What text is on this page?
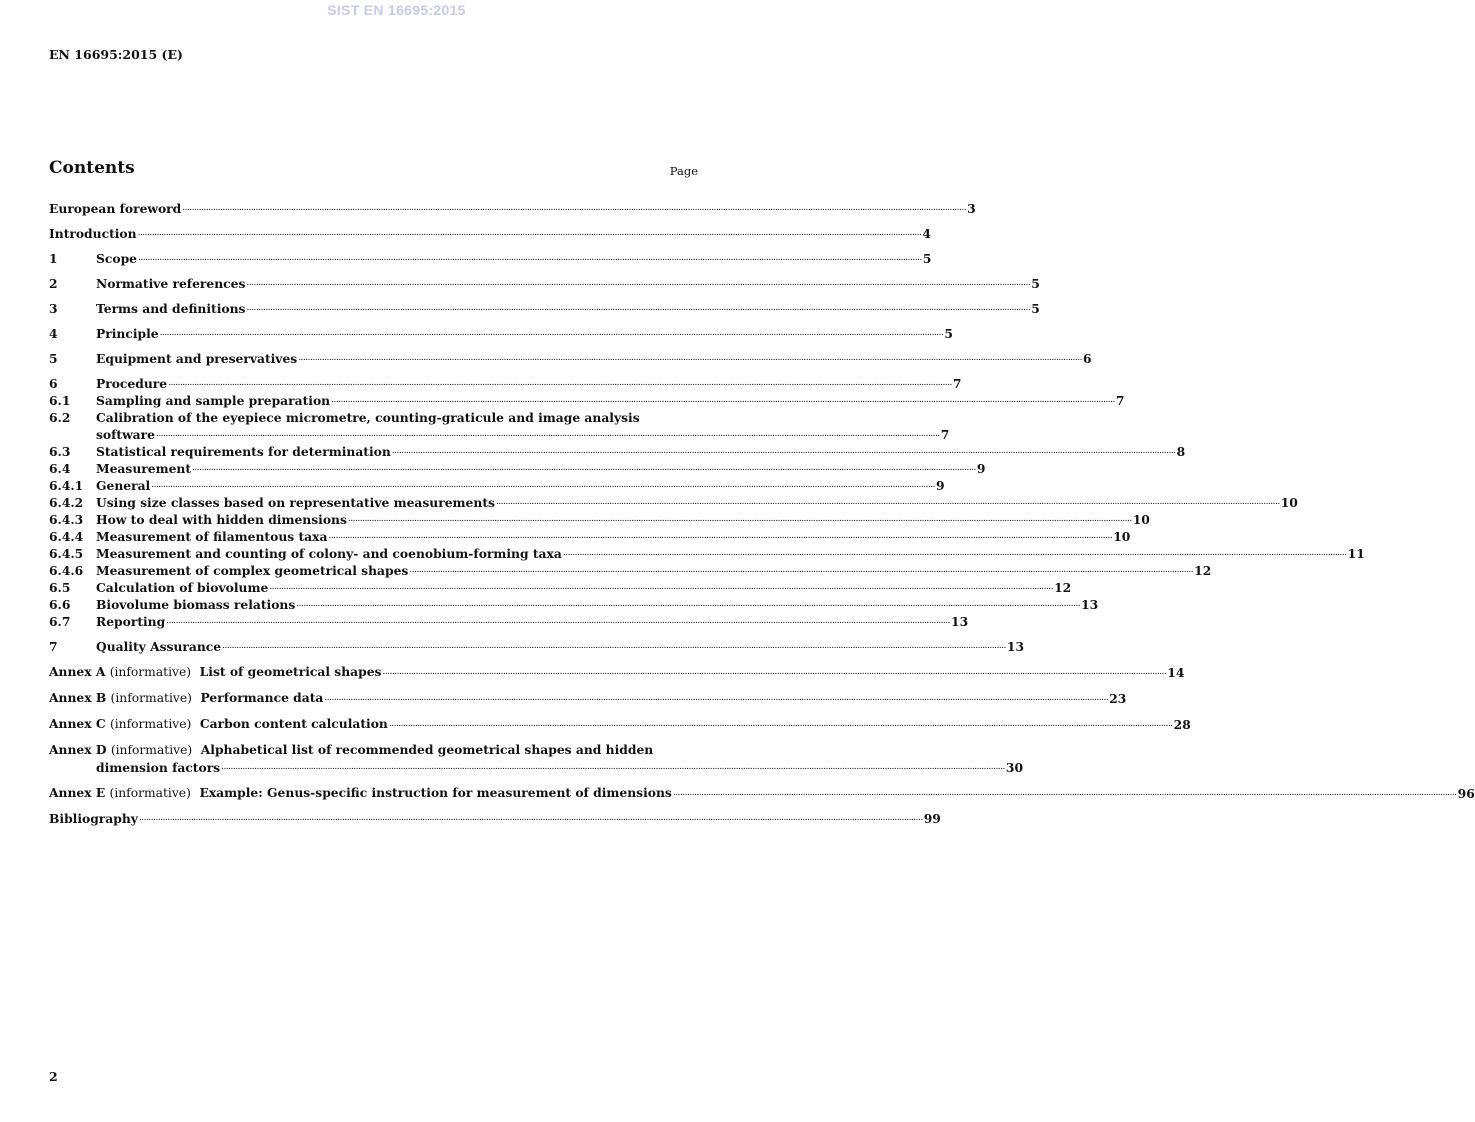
SIST EN 16695:2015
EN 16695:2015 (E)
Contents	Page
European foreword ............................................................................................................................................................................................................................................................................................................................................ 3
Introduction ............................................................................................................................................................................................................................................................................................................................................ 4
1	Scope ............................................................................................................................................................................................................................................................................................................................................ 5
2	Normative references ............................................................................................................................................................................................................................................................................................................................................ 5
3	Terms and definitions ............................................................................................................................................................................................................................................................................................................................................ 5
4	Principle ............................................................................................................................................................................................................................................................................................................................................ 5
5	Equipment and preservatives ............................................................................................................................................................................................................................................................................................................................................ 6
6	Procedure ............................................................................................................................................................................................................................................................................................................................................ 7
6.1	Sampling and sample preparation ............................................................................................................................................................................................................................................................................................................................................ 7
6.2	Calibration of the eyepiece micrometre, counting-graticule and image analysis
software ............................................................................................................................................................................................................................................................................................................................................ 7
6.3	Statistical requirements for determination ............................................................................................................................................................................................................................................................................................................................................ 8
6.4	Measurement ............................................................................................................................................................................................................................................................................................................................................ 9
6.4.1	General ............................................................................................................................................................................................................................................................................................................................................ 9
6.4.2	Using size classes based on representative measurements ............................................................................................................................................................................................................................................................................................................................................ 10
6.4.3	How to deal with hidden dimensions ............................................................................................................................................................................................................................................................................................................................................ 10
6.4.4	Measurement of filamentous taxa ............................................................................................................................................................................................................................................................................................................................................ 10
6.4.5	Measurement and counting of colony- and coenobium-forming taxa ............................................................................................................................................................................................................................................................................................................................................ 11
6.4.6	Measurement of complex geometrical shapes ............................................................................................................................................................................................................................................................................................................................................ 12
6.5	Calculation of biovolume ............................................................................................................................................................................................................................................................................................................................................ 12
6.6	Biovolume biomass relations ............................................................................................................................................................................................................................................................................................................................................ 13
6.7	Reporting ............................................................................................................................................................................................................................................................................................................................................ 13
7	Quality Assurance ............................................................................................................................................................................................................................................................................................................................................ 13
Annex A (informative) List of geometrical shapes ............................................................................................................................................................................................................................................................................................................................................ 14
Annex B (informative) Performance data ............................................................................................................................................................................................................................................................................................................................................ 23
Annex C (informative) Carbon content calculation ............................................................................................................................................................................................................................................................................................................................................ 28
Annex D (informative) Alphabetical list of recommended geometrical shapes and hidden
dimension factors ............................................................................................................................................................................................................................................................................................................................................ 30
Annex E (informative) Example: Genus-specific instruction for measurement of dimensions ............................................................................................................................................................................................................................................................................................................................................ 96
Bibliography ............................................................................................................................................................................................................................................................................................................................................ 99
2
